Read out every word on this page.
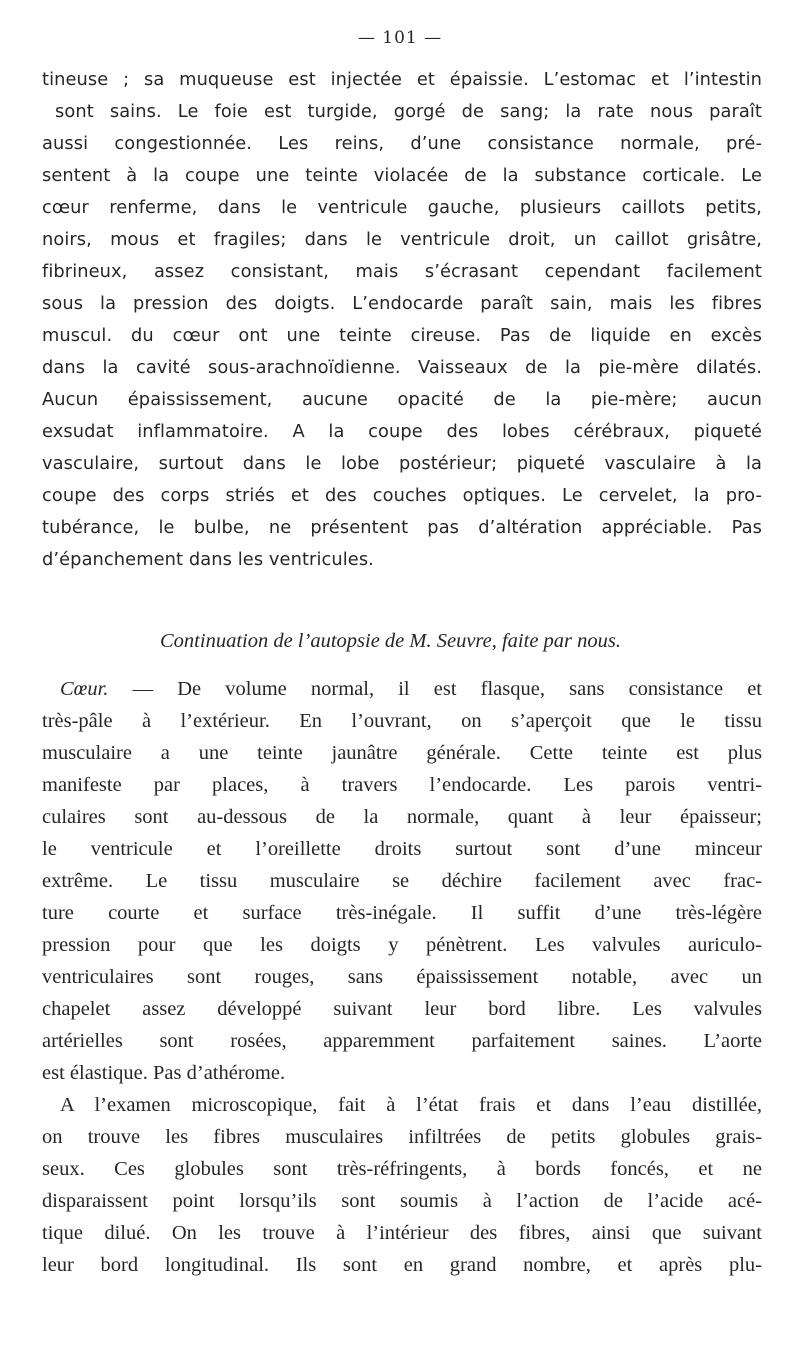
— 101 —
tineuse ; sa muqueuse est injectée et épaissie. L’estomac et l’intestin
sont sains. Le foie est turgide, gorgé de sang; la rate nous paraît
aussi congestionnée. Les reins, d’une consistance normale, pré-
sentent à la coupe une teinte violacée de la substance corticale. Le
cœur renferme, dans le ventricule gauche, plusieurs caillots petits,
noirs, mous et fragiles; dans le ventricule droit, un caillot grisâtre,
fibrineux, assez consistant, mais s’écrasant cependant facilement
sous la pression des doigts. L’endocarde paraît sain, mais les fibres
muscul. du cœur ont une teinte cireuse. Pas de liquide en excès
dans la cavité sous-arachnoïdienne. Vaisseaux de la pie-mère dilatés.
Aucun épaississement, aucune opacité de la pie-mère; aucun
exsudat inflammatoire. A la coupe des lobes cérébraux, piqueté
vasculaire, surtout dans le lobe postérieur; piqueté vasculaire à la
coupe des corps striés et des couches optiques. Le cervelet, la pro-
tubérance, le bulbe, ne présentent pas d’altération appréciable. Pas
d’épanchement dans les ventricules.
Continuation de l’autopsie de M. Seuvre, faite par nous.
Cœur. — De volume normal, il est flasque, sans consistance et
très-pâle à l’extérieur. En l’ouvrant, on s’aperçoit que le tissu
musculaire a une teinte jaunâtre générale. Cette teinte est plus
manifeste par places, à travers l’endocarde. Les parois ventri-
culaires sont au-dessous de la normale, quant à leur épaisseur;
le ventricule et l’oreillette droits surtout sont d’une minceur
extrême. Le tissu musculaire se déchire facilement avec frac-
ture courte et surface très-inégale. Il suffit d’une très-légère
pression pour que les doigts y pénètrent. Les valvules auriculo-
ventriculaires sont rouges, sans épaississement notable, avec un
chapelet assez développé suivant leur bord libre. Les valvules
artérielles sont rosées, apparemment parfaitement saines. L’aorte
est élastique. Pas d’athérome.
A l’examen microscopique, fait à l’état frais et dans l’eau distillée,
on trouve les fibres musculaires infiltrées de petits globules grais-
seux. Ces globules sont très-réfringents, à bords foncés, et ne
disparaissent point lorsqu’ils sont soumis à l’action de l’acide acé-
tique dilué. On les trouve à l’intérieur des fibres, ainsi que suivant
leur bord longitudinal. Ils sont en grand nombre, et après plu-
